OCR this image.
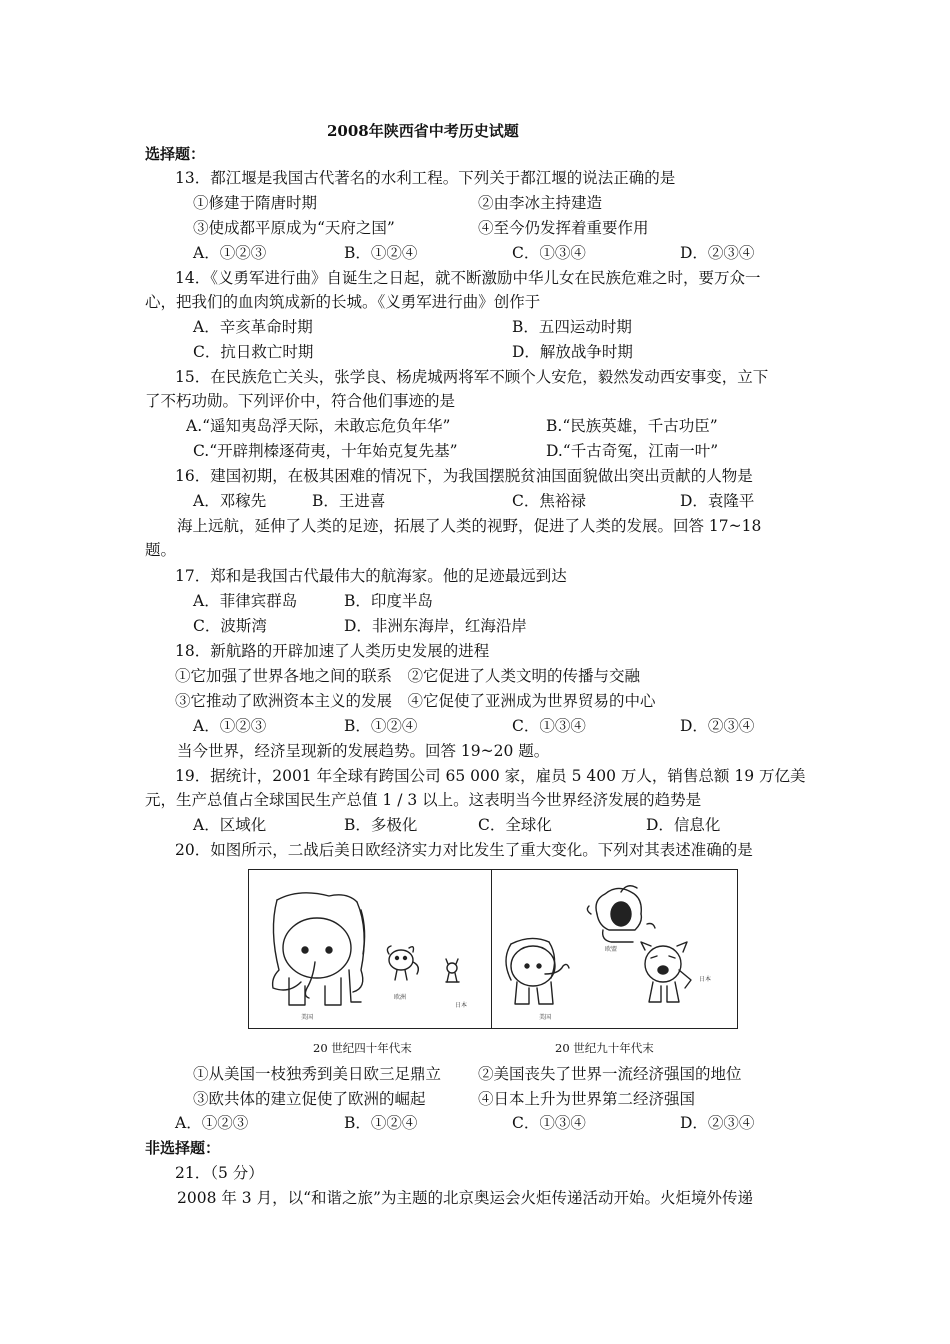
2008年陕西省中考历史试题
选择题：
13．都江堰是我国古代著名的水利工程。下列关于都江堰的说法正确的是
①修建于隋唐时期	②由李冰主持建造
③使成都平原成为“天府之国”	④至今仍发挥着重要作用
A．①②③	B．①②④	C．①③④	D．②③④
14．《义勇军进行曲》自诞生之日起，就不断激励中华儿女在民族危难之时，要万众一
心，把我们的血肉筑成新的长城。《义勇军进行曲》创作于
A．辛亥革命时期	B．五四运动时期
C．抗日救亡时期	D．解放战争时期
15．在民族危亡关头，张学良、杨虎城两将军不顾个人安危，毅然发动西安事变，立下
了不朽功勋。下列评价中，符合他们事迹的是
A.“遥知夷岛浮天际，未敢忘危负年华”	B.“民族英雄，千古功臣”
C.“开辟荆榛逐荷夷，十年始克复先基”	D.“千古奇冤，江南一叶”
16．建国初期，在极其困难的情况下，为我国摆脱贫油国面貌做出突出贡献的人物是
A．邓稼先	B．王进喜	C．焦裕禄	D．袁隆平
海上远航，延伸了人类的足迹，拓展了人类的视野，促进了人类的发展。回答 17~18
题。
17．郑和是我国古代最伟大的航海家。他的足迹最远到达
A．菲律宾群岛	B．印度半岛
C．波斯湾	D．非洲东海岸，红海沿岸
18．新航路的开辟加速了人类历史发展的进程
①它加强了世界各地之间的联系　②它促进了人类文明的传播与交融
③它推动了欧洲资本主义的发展　④它促使了亚洲成为世界贸易的中心
A．①②③	B．①②④	C．①③④	D．②③④
当今世界，经济呈现新的发展趋势。回答 19~20 题。
19．据统计，2001 年全球有跨国公司 65 000 家，雇员 5 400 万人，销售总额 19 万亿美
元，生产总值占全球国民生产总值 1 / 3 以上。这表明当今世界经济发展的趋势是
A．区域化	B．多极化	C．全球化	D．信息化
20．如图所示，二战后美日欧经济实力对比发生了重大变化。下列对其表述准确的是
美国
欧洲
日本
美国
欧盟
日本
20 世纪四十年代末	20 世纪九十年代末
①从美国一枝独秀到美日欧三足鼎立 ②美国丧失了世界一流经济强国的地位
③欧共体的建立促使了欧洲的崛起	④日本上升为世界第二经济强国
A．①②③	B．①②④	C．①③④	D．②③④
非选择题：
21．（5 分）
2008 年 3 月，以“和谐之旅”为主题的北京奥运会火炬传递活动开始。火炬境外传递
